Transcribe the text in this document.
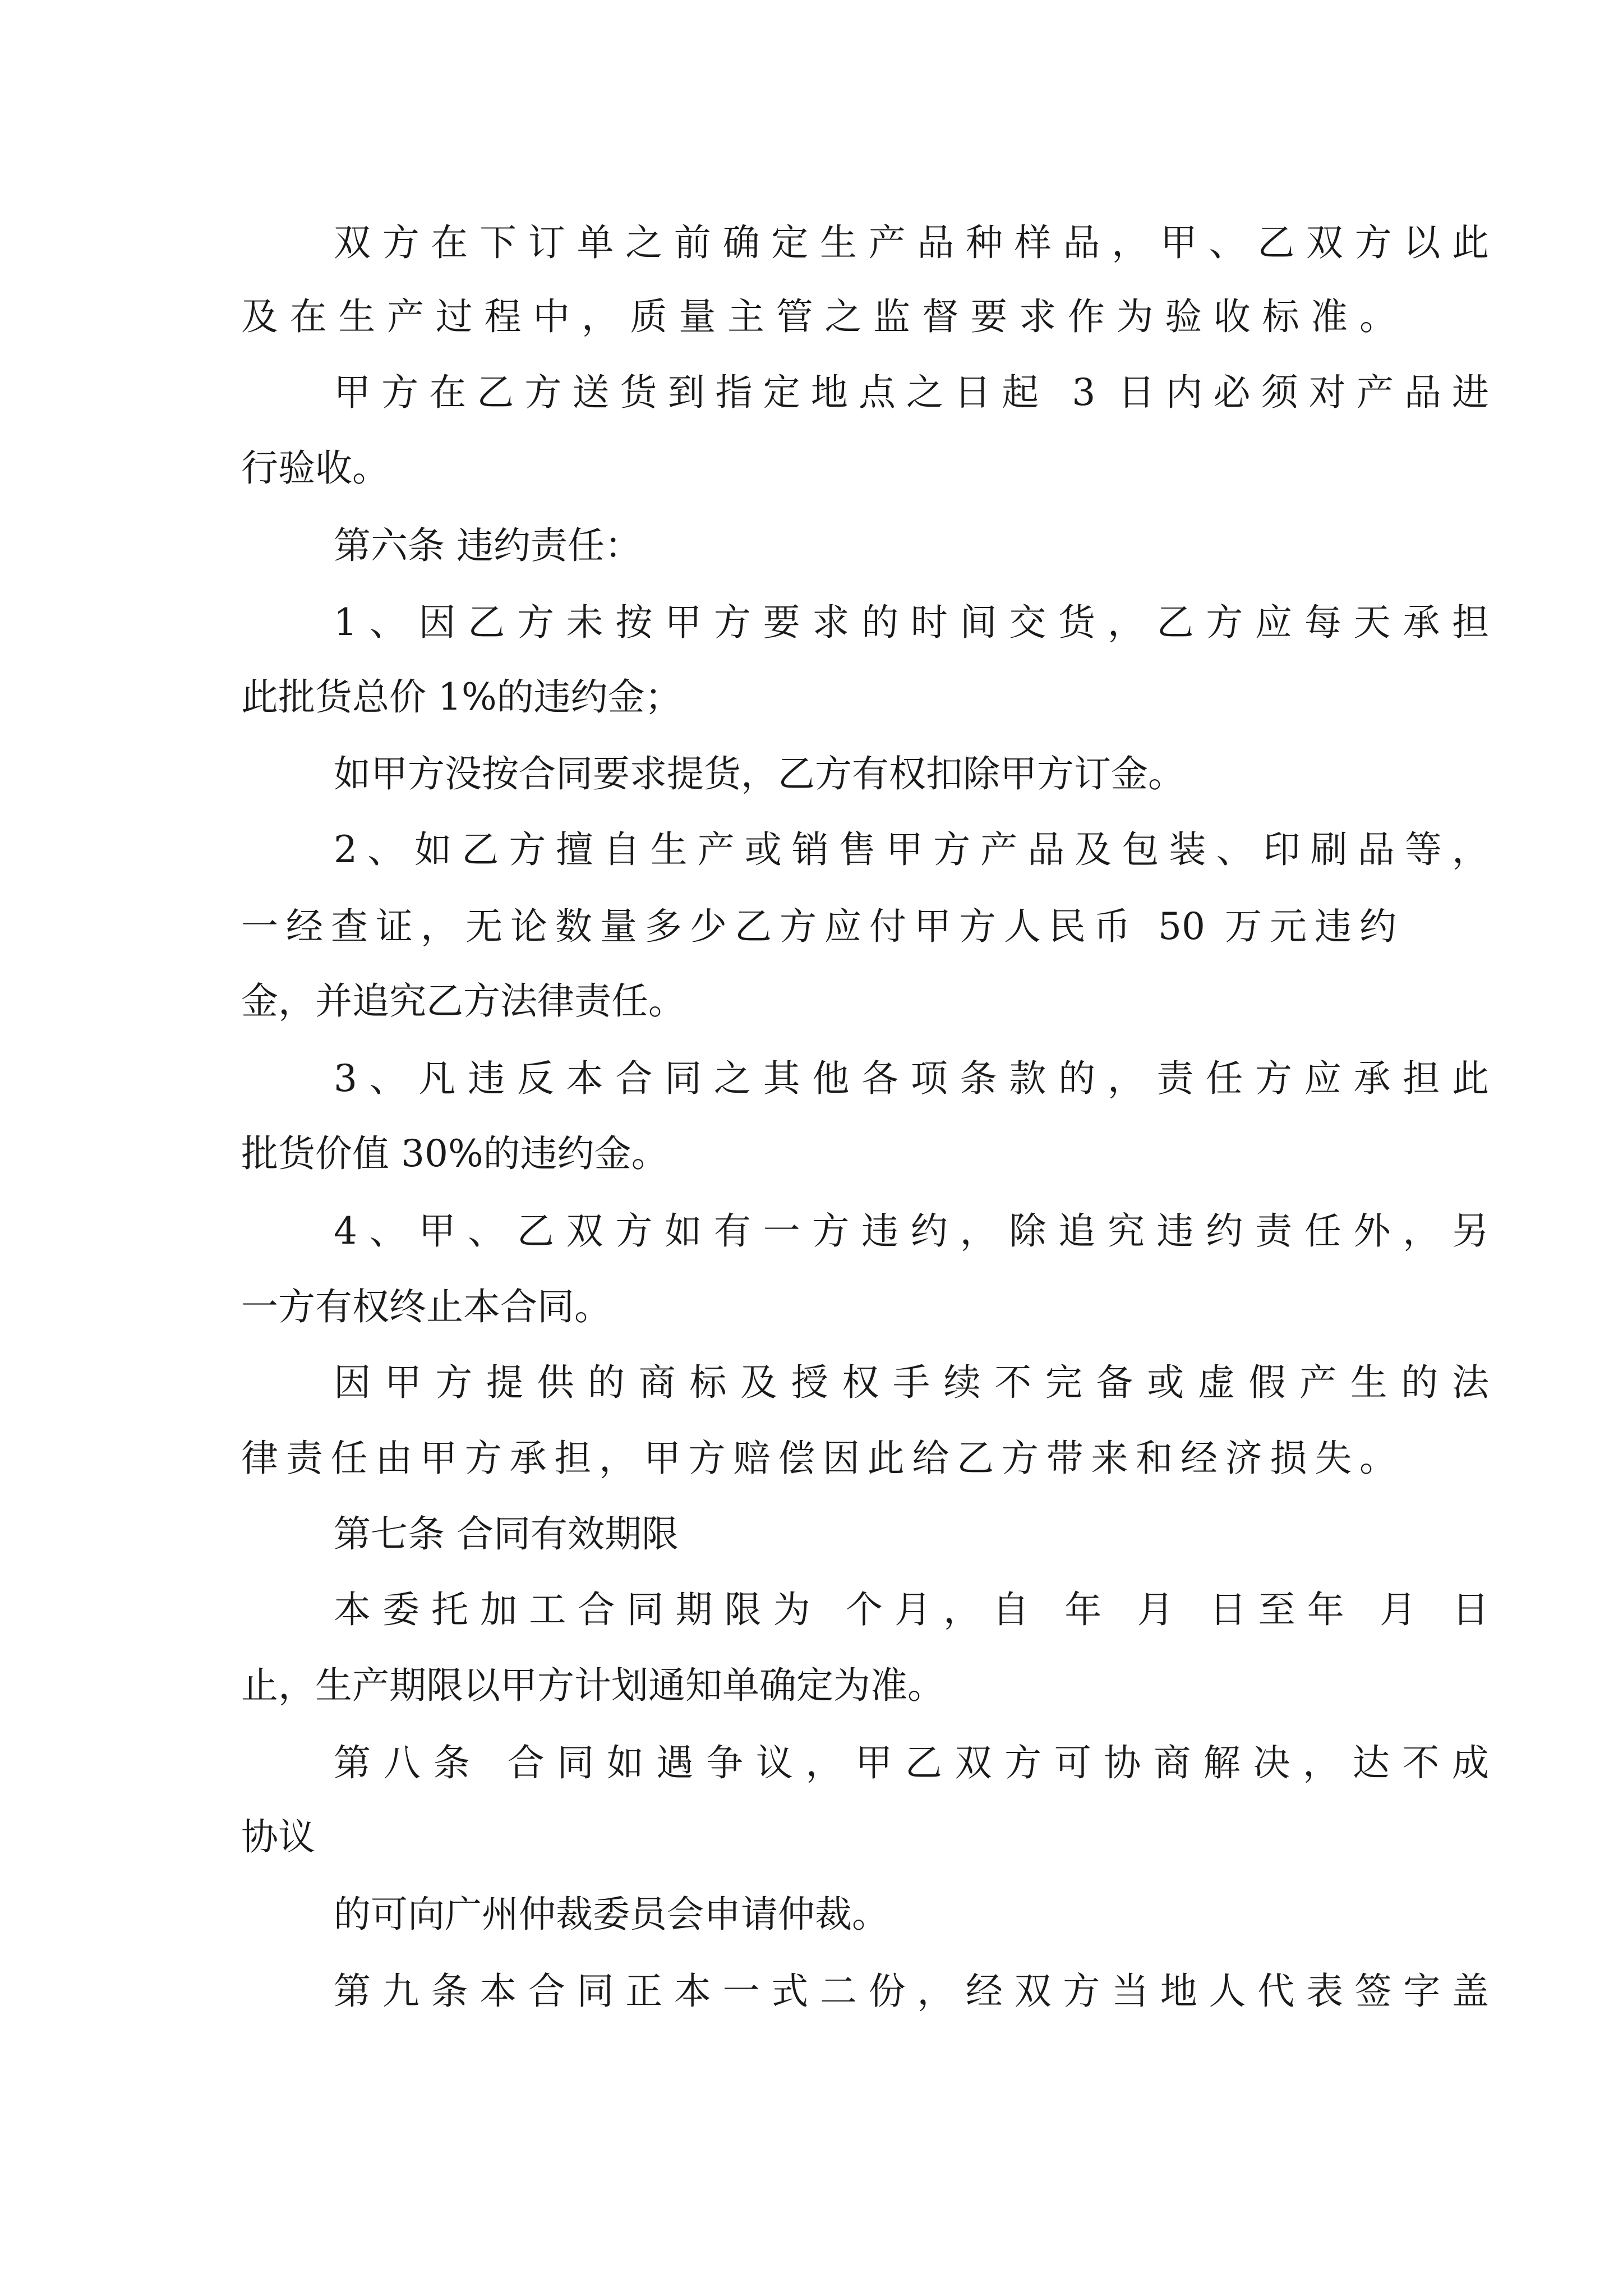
双方在下订单之前确定生产品种样品，甲、乙双方以此
及在生产过程中，质量主管之监督要求作为验收标准。
甲方在乙方送货到指定地点之日起 3 日内必须对产品进
行验收。
第六条 违约责任：
1、因乙方未按甲方要求的时间交货，乙方应每天承担
此批货总价 1%的违约金；
如甲方没按合同要求提货，乙方有权扣除甲方订金。
2、如乙方擅自生产或销售甲方产品及包装、印刷品等，
一经查证，无论数量多少乙方应付甲方人民币 50 万元违约
金，并追究乙方法律责任。
3、凡违反本合同之其他各项条款的，责任方应承担此
批货价值 30%的违约金。
4、甲、乙双方如有一方违约，除追究违约责任外，另
一方有权终止本合同。
因甲方提供的商标及授权手续不完备或虚假产生的法
律责任由甲方承担，甲方赔偿因此给乙方带来和经济损失。
第七条 合同有效期限
本委托加工合同期限为 个月，自 年 月 日至年 月 日
止，生产期限以甲方计划通知单确定为准。
第八条 合同如遇争议，甲乙双方可协商解决，达不成
协议
的可向广州仲裁委员会申请仲裁。
第九条本合同正本一式二份，经双方当地人代表签字盖
